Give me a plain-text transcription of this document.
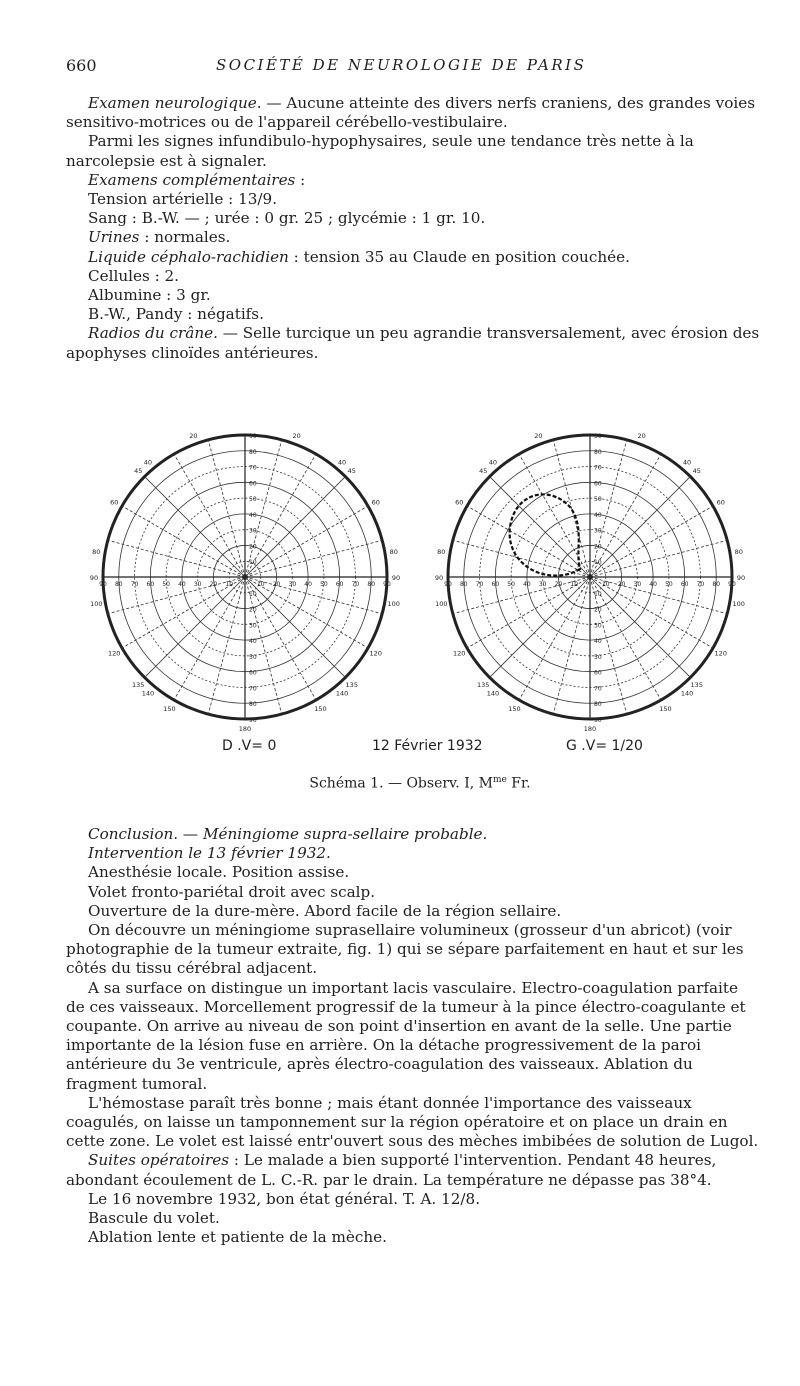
660	SOCIÉTÉ DE NEUROLOGIE DE PARIS

Examen neurologique. — Aucune atteinte des divers nerfs craniens, des grandes voies sensitivo-motrices ou de l'appareil cérébello-vestibulaire.

Parmi les signes infundibulo-hypophysaires, seule une tendance très nette à la narcolepsie est à signaler.

Examens complémentaires :

Tension artérielle : 13/9.

Sang : B.-W. — ; urée : 0 gr. 25 ; glycémie : 1 gr. 10.

Urines : normales.

Liquide céphalo-rachidien : tension 35 au Claude en position couchée.

Cellules : 2.

Albumine : 3 gr.

B.-W., Pandy : négatifs.

Radios du crâne. — Selle turcique un peu agrandie transversalement, avec érosion des apophyses clinoïdes antérieures.

10
10
10
10
20
20
20
20
30
30
30
30
40
40
40
40
50
50
50
50
60
60
60
60
70
70
70
70
80
80
80
80
90
90
90
90
20
20
40
40
45
45
60
60
80
80
90
90
100
100
120
120
135
135
140
140
150
150
180
10
10
10
10
20
20
20
20
30
30
30
30
40
40
40
40
50
50
50
50
60
60
60
60
70
70
70
70
80
80
80
80
90
90
90
90
20
20
40
40
45
45
60
60
80
80
90
90
100
100
120
120
135
135
140
140
150
150
180
D .V= 0	12 Février 1932	G .V= 1/20
Schéma 1. — Observ. I, $M^{me}$ Fr.

Conclusion. — Méningiome supra-sellaire probable.

Intervention le 13 février 1932.

Anesthésie locale. Position assise.

Volet fronto-pariétal droit avec scalp.

Ouverture de la dure-mère. Abord facile de la région sellaire.

On découvre un méningiome suprasellaire volumineux (grosseur d'un abricot) (voir photographie de la tumeur extraite, fig. 1) qui se sépare parfaitement en haut et sur les côtés du tissu cérébral adjacent.

A sa surface on distingue un important lacis vasculaire. Electro-coagulation parfaite de ces vaisseaux. Morcellement progressif de la tumeur à la pince électro-coagulante et coupante. On arrive au niveau de son point d'insertion en avant de la selle. Une partie importante de la lésion fuse en arrière. On la détache progressivement de la paroi antérieure du 3e ventricule, après électro-coagulation des vaisseaux. Ablation du fragment tumoral.

L'hémostase paraît très bonne ; mais étant donnée l'importance des vaisseaux coagulés, on laisse un tamponnement sur la région opératoire et on place un drain en cette zone. Le volet est laissé entr'ouvert sous des mèches imbibées de solution de Lugol.

Suites opératoires : Le malade a bien supporté l'intervention. Pendant 48 heures, abondant écoulement de L. C.-R. par le drain. La température ne dépasse pas 38°4.

Le 16 novembre 1932, bon état général. T. A. 12/8.

Bascule du volet.

Ablation lente et patiente de la mèche.
